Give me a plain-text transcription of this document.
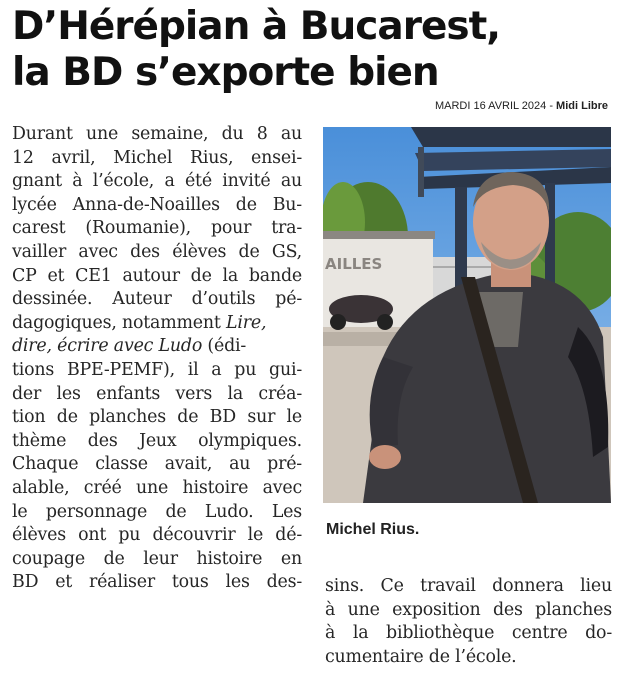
D’Hérépian à Bucarest,
la BD s’exporte bien
MARDI 16 AVRIL 2024 - Midi Libre
Durant une semaine, du 8 au
12 avril, Michel Rius, ensei-
gnant à l’école, a été invité au
lycée Anna-de-Noailles de Bu-
carest (Roumanie), pour tra-
vailler avec des élèves de GS,
CP et CE1 autour de la bande
dessinée. Auteur d’outils pé-
dagogiques, notamment Lire,
dire, écrire avec Ludo (édi-
tions BPE-PEMF), il a pu gui-
der les enfants vers la créa-
tion de planches de BD sur le
thème des Jeux olympiques.
Chaque classe avait, au pré-
alable, créé une histoire avec
le personnage de Ludo. Les
élèves ont pu découvrir le dé-
coupage de leur histoire en
BD et réaliser tous les des-
AILLES
Michel Rius.
sins. Ce travail donnera lieu
à une exposition des planches
à la bibliothèque centre do-
cumentaire de l’école.
